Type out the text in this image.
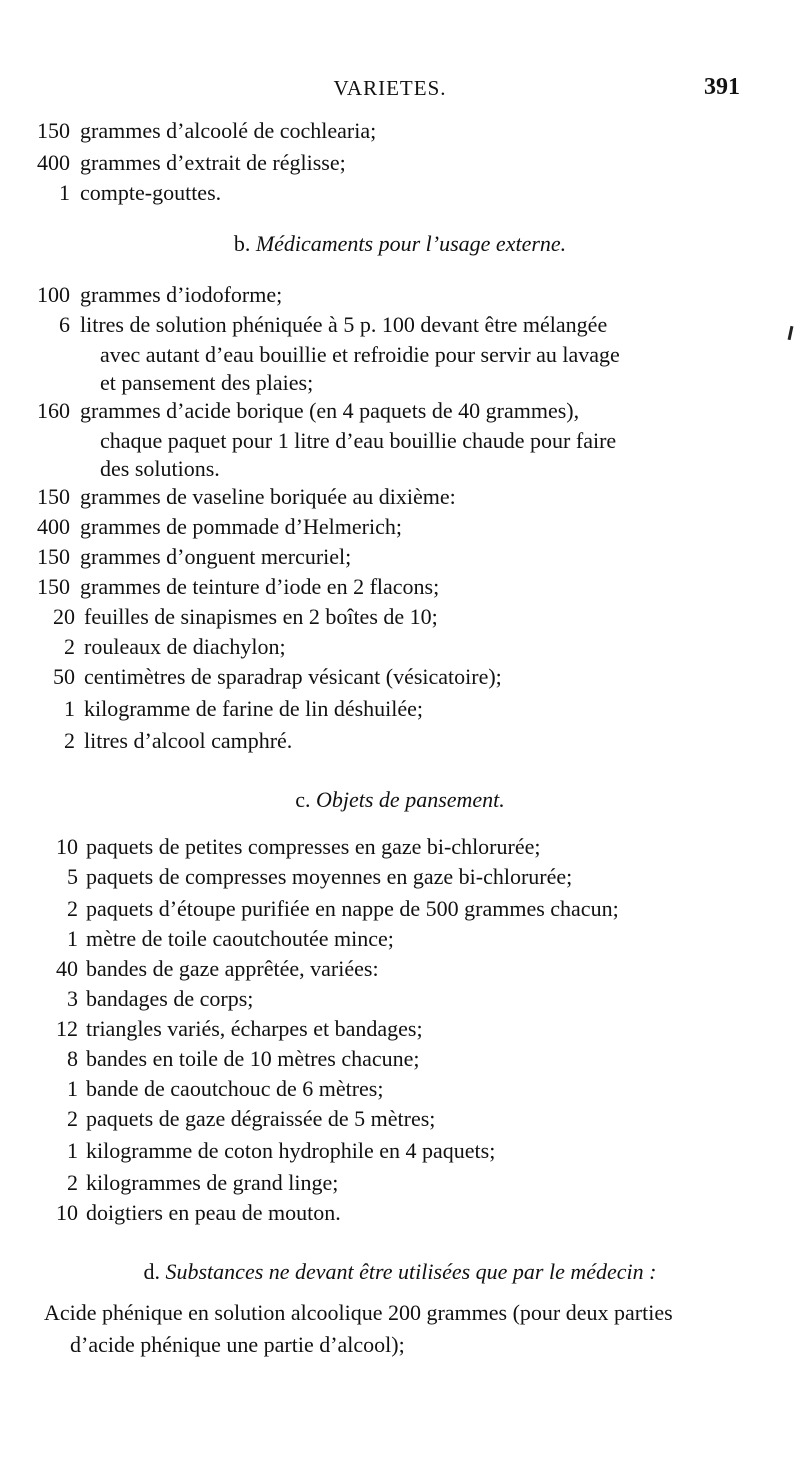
VARIETES.	391
150 grammes d’alcoolé de cochlearia;
400 grammes d’extrait de réglisse;
1 compte-gouttes.
b. Médicaments pour l’usage externe.
100 grammes d’iodoforme;
6 litres de solution phéniquée à 5 p. 100 devant être mélangée
avec autant d’eau bouillie et refroidie pour servir au lavage
et pansement des plaies;
160 grammes d’acide borique (en 4 paquets de 40 grammes),
chaque paquet pour 1 litre d’eau bouillie chaude pour faire
des solutions.
150 grammes de vaseline boriquée au dixième:
400 grammes de pommade d’Helmerich;
150 grammes d’onguent mercuriel;
150 grammes de teinture d’iode en 2 flacons;
20 feuilles de sinapismes en 2 boîtes de 10;
2 rouleaux de diachylon;
50 centimètres de sparadrap vésicant (vésicatoire);
1 kilogramme de farine de lin déshuilée;
2 litres d’alcool camphré.
c. Objets de pansement.
10 paquets de petites compresses en gaze bi-chlorurée;
5 paquets de compresses moyennes en gaze bi-chlorurée;
2 paquets d’étoupe purifiée en nappe de 500 grammes chacun;
1 mètre de toile caoutchoutée mince;
40 bandes de gaze apprêtée, variées:
3 bandages de corps;
12 triangles variés, écharpes et bandages;
8 bandes en toile de 10 mètres chacune;
1 bande de caoutchouc de 6 mètres;
2 paquets de gaze dégraissée de 5 mètres;
1 kilogramme de coton hydrophile en 4 paquets;
2 kilogrammes de grand linge;
10 doigtiers en peau de mouton.
d. Substances ne devant être utilisées que par le médecin :
Acide phénique en solution alcoolique 200 grammes (pour deux parties
d’acide phénique une partie d’alcool);
